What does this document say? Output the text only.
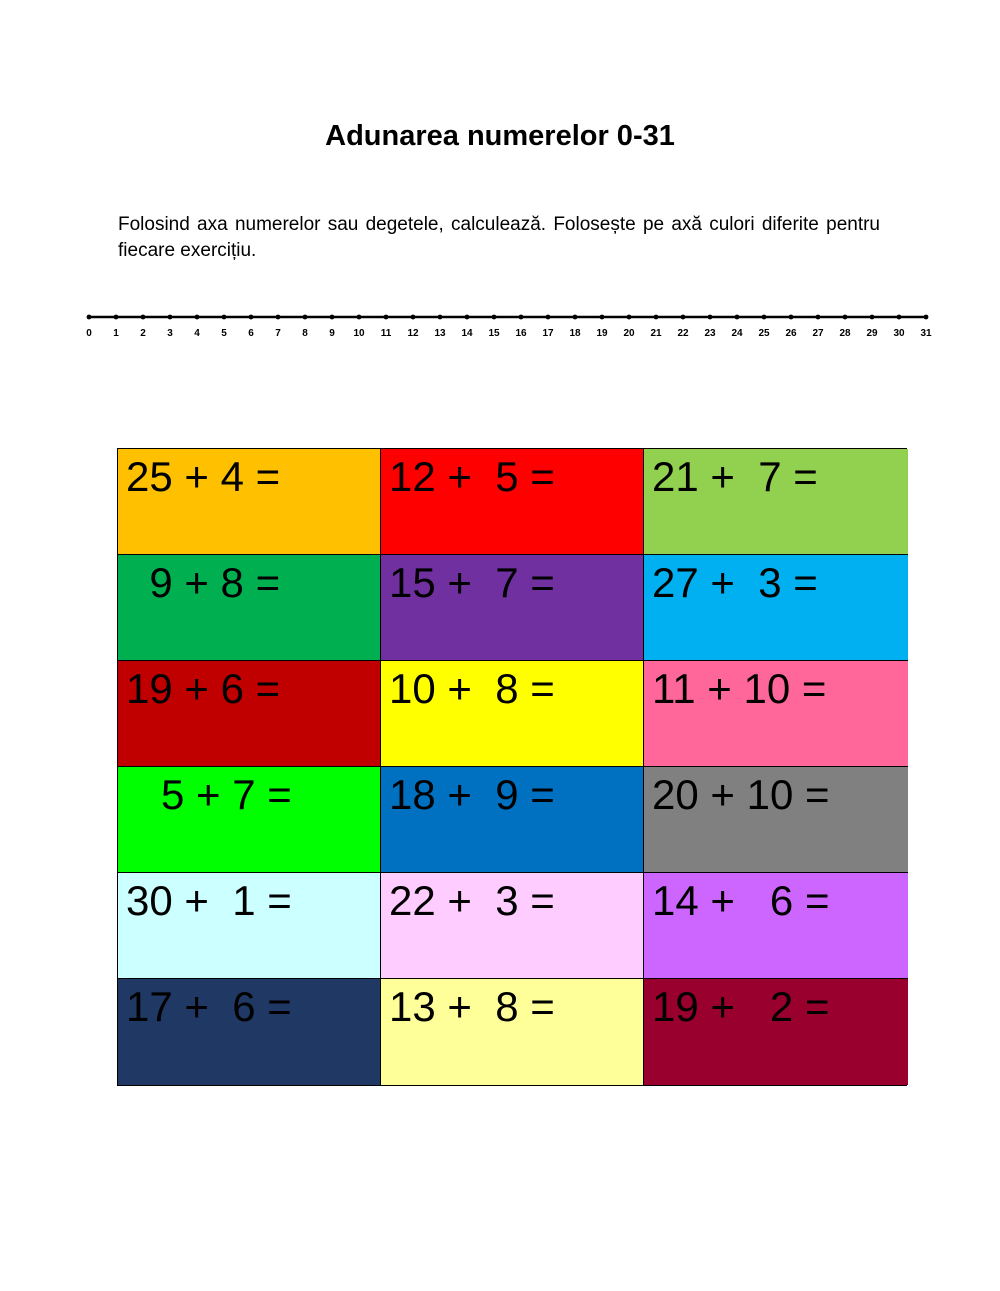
Adunarea numerelor 0-31

Folosind axa numerelor sau degetele, calculează. Folosește pe axă culori diferite pentru fiecare exercițiu.

0 1 2 3 4 5 6 7 8 9 10 11 12 13 14 15 16 17 18 19 20 21 22 23 24 25 26 27 28 29 30 31
25 + 4 =	12 +  5 = 21 +  7 =
9 + 8 =	15 +  7 = 27 +  3 =
19 + 6 =	10 +  8 = 11 + 10 =
5 + 7 = 18 +  9 = 20 + 10 =
30 +  1 = 22 +  3 = 14 +   6 =
17 +  6 = 13 +  8 = 19 +   2 =
